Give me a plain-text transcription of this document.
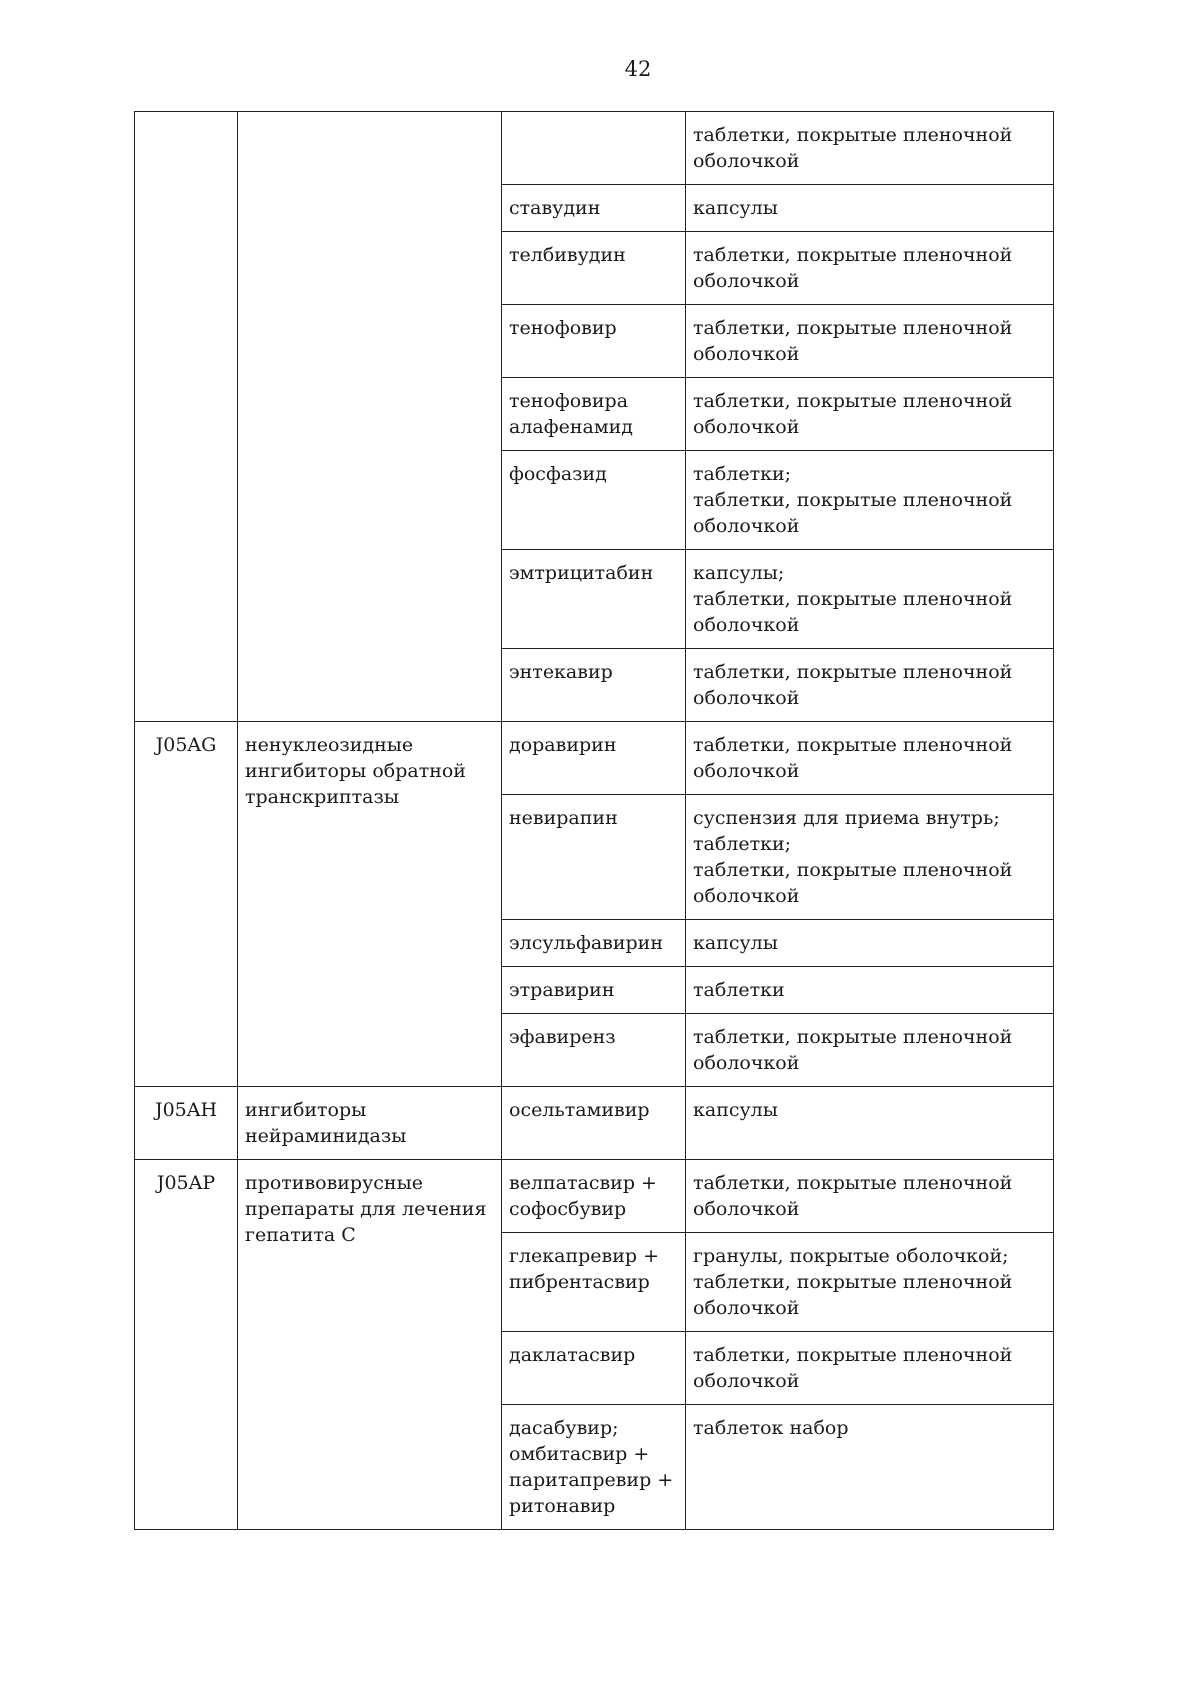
42

			таблетки, покрытые пленочной оболочкой

		ставудин	капсулы

		телбивудин	таблетки, покрытые пленочной оболочкой

		тенофовир	таблетки, покрытые пленочной оболочкой

		тенофовира алафенамид	таблетки, покрытые пленочной оболочкой

		фосфазид	таблетки;
таблетки, покрытые пленочной оболочкой

		эмтрицитабин	капсулы;
таблетки, покрытые пленочной оболочкой

		энтекавир	таблетки, покрытые пленочной оболочкой

J05AG	ненуклеозидные ингибиторы обратной транскриптазы	доравирин	таблетки, покрытые пленочной оболочкой

		невирапин	суспензия для приема внутрь;
таблетки;
таблетки, покрытые пленочной оболочкой

		элсульфавирин	капсулы

		этравирин	таблетки

		эфавиренз	таблетки, покрытые пленочной оболочкой

J05AH	ингибиторы нейраминидазы	осельтамивир	капсулы

J05AP	противовирусные препараты для лечения гепатита C	велпатасвир + софосбувир	таблетки, покрытые пленочной оболочкой

		глекапревир + пибрентасвир	гранулы, покрытые оболочкой;
таблетки, покрытые пленочной оболочкой

		даклатасвир	таблетки, покрытые пленочной оболочкой

		дасабувир; омбитасвир + паритапревир + ритонавир	таблеток набор
